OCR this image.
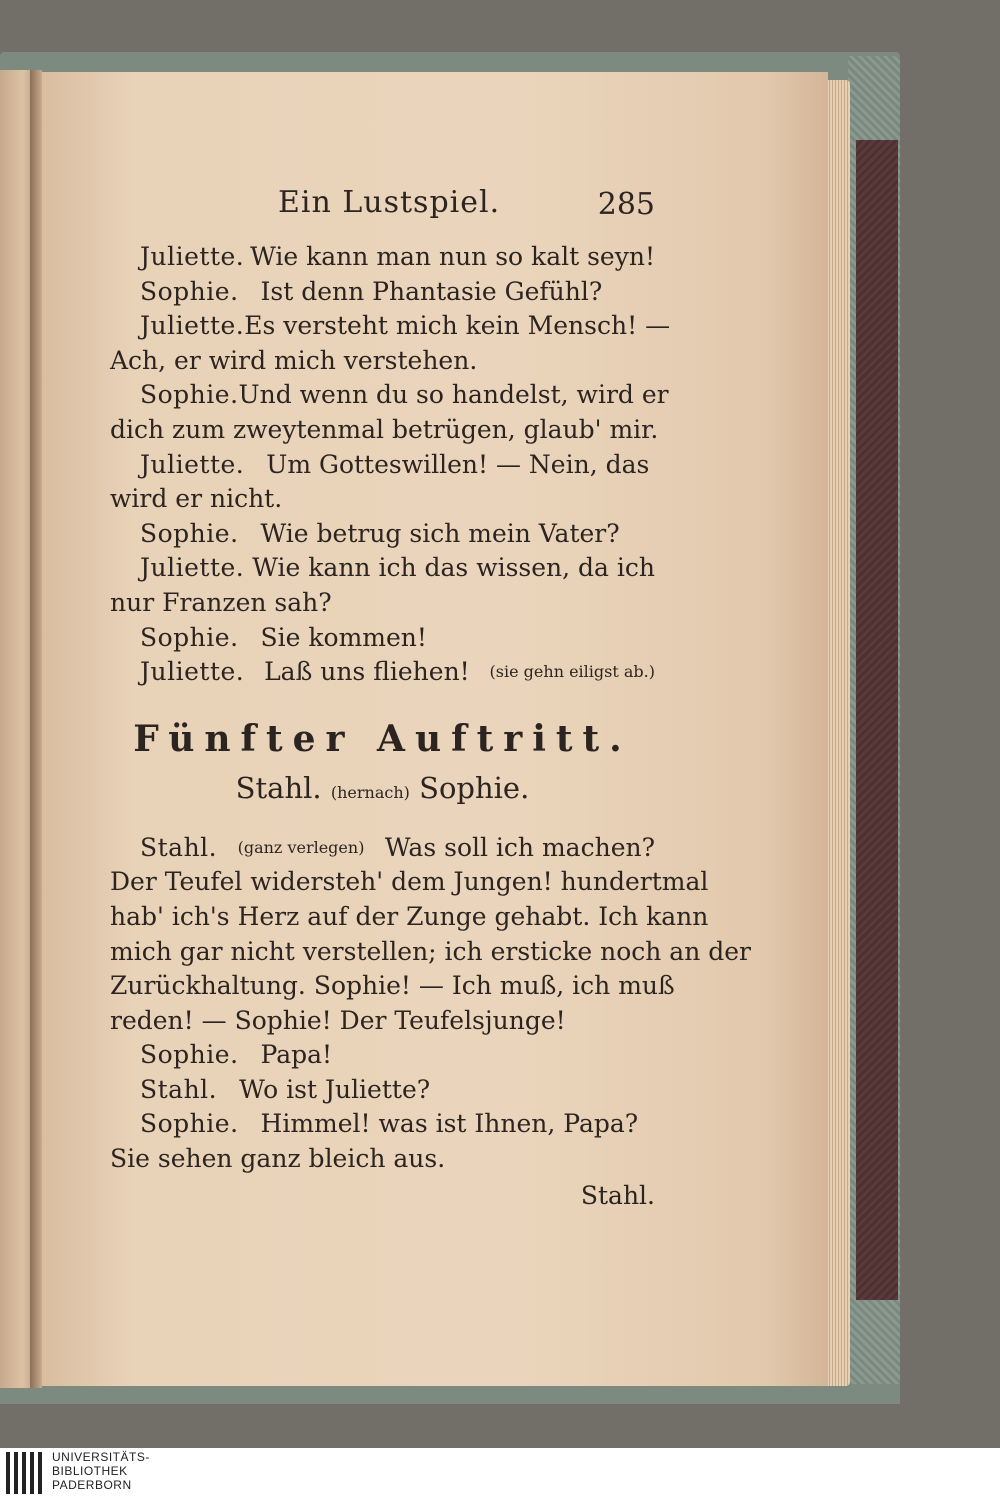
Ein Lustspiel.	285
Juliette. Wie kann man nun so kalt seyn!
Sophie. Ist denn Phantasie Gefühl?
Juliette. Es versteht mich kein Mensch! —
Ach, er wird mich verstehen.
Sophie. Und wenn du so handelst, wird er
dich zum zweytenmal betrügen, glaub' mir.
Juliette. Um Gotteswillen! — Nein, das
wird er nicht.
Sophie. Wie betrug sich mein Vater?
Juliette. Wie kann ich das wissen, da ich
nur Franzen sah?
Sophie. Sie kommen!
Juliette. Laß uns fliehen! (sie gehn eiligst ab.)
Fünfter Auftritt.
Stahl. (hernach) Sophie.
Stahl. (ganz verlegen) Was soll ich machen?
Der Teufel widersteh' dem Jungen! hundertmal
hab' ich's Herz auf der Zunge gehabt. Ich kann
mich gar nicht verstellen; ich ersticke noch an der
Zurückhaltung. Sophie! — Ich muß, ich muß
reden! — Sophie! Der Teufelsjunge!
Sophie. Papa!
Stahl. Wo ist Juliette?
Sophie. Himmel! was ist Ihnen, Papa?
Sie sehen ganz bleich aus.
Stahl.
UNIVERSITÄTS-
BIBLIOTHEK
PADERBORN
